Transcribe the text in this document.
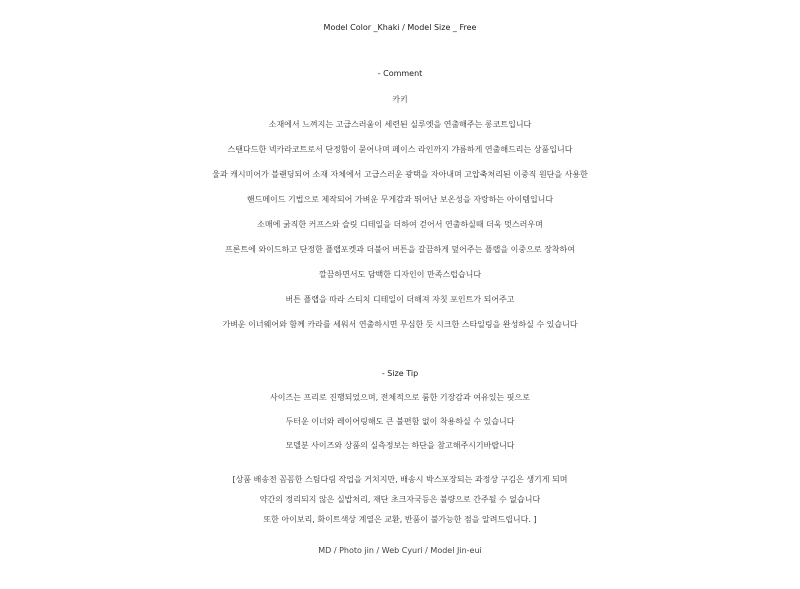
Model Color _Khaki / Model Size _ Free
- Comment
카키
소재에서 느껴지는 고급스러움이 세련된 실루엣을 연출해주는 롱코트입니다
스탠다드한 넥카라코트로서 단정함이 묻어나며 페이스 라인까지 갸름하게 연출해드리는 상품입니다
울과 캐시미어가 블랜딩되어 소재 자체에서 고급스러운 광택을 자아내며 고압축처리된 이중직 원단을 사용한
핸드메이드 기법으로 제작되어 가벼운 무게감과 뛰어난 보온성을 자랑하는 아이템입니다
소매에 굵직한 커프스와 슬릿 디테일을 더하여 걷어서 연출하실때 더욱 멋스러우며
프론트에 와이드하고 단정한 플랩포켓과 더불어 버튼을 갈끔하게 덮어주는 플랩을 이중으로 장착하여
깔끔하면서도 담백한 디자인이 만족스럽습니다
버튼 플랩을 따라 스티치 디테일이 더해져 자칫 포인트가 되어주고
가벼운 이너웨어와 함께 카라를 세워서 연출하시면 무심한 듯 시크한 스타일링을 완성하실 수 있습니다
- Size Tip
사이즈는 프리로 진행되었으며, 전체적으로 룸한 기장감과 여유있는 핏으로
두터운 이너와 레이어링해도 큰 불편함 없이 착용하실 수 있습니다
모델분 사이즈와 상품의 실측정보는 하단을 참고해주시기바랍니다
[상품 배송전 꼼꼼한 스팀다림 작업을 거치지만, 배송시 박스포장되는 과정상 구김은 생기게 되며
약간의 정리되지 않은 실밥처리, 재단 초크자국등은 불량으로 간주될 수 없습니다
또한 아이보리, 화이트색상 계열은 교환, 반품이 불가능한 점을 알려드립니다. ]
MD / Photo jin / Web Cyuri / Model Jin-eui
